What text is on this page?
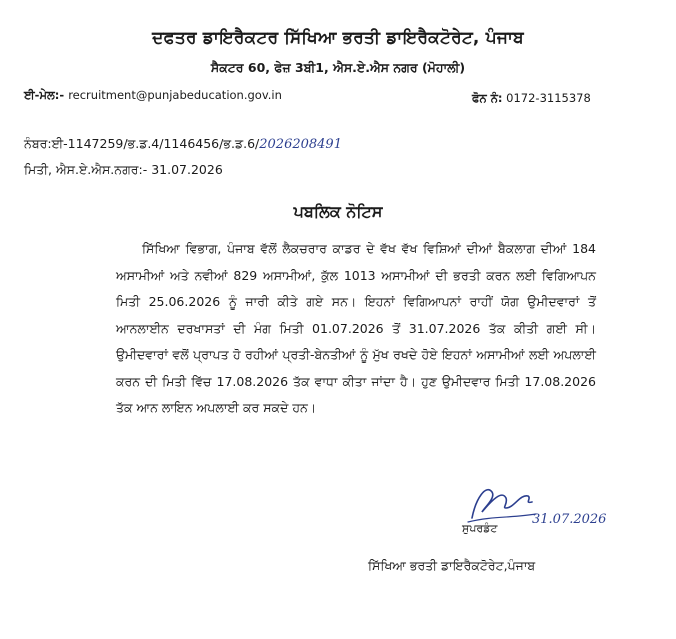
ਦਫਤਰ ਡਾਇਰੈਕਟਰ ਸਿੱਖਿਆ ਭਰਤੀ ਡਾਇਰੈਕਟੋਰੇਟ, ਪੰਜਾਬ
ਸੈਕਟਰ 60, ਫੇਜ਼ 3ਬੀ1, ਐਸ.ਏ.ਐਸ ਨਗਰ (ਮੋਹਾਲੀ)
ਈ-ਮੇਲ:- recruitment@punjabeducation.gov.in	ਫੋਨ ਨੰ: 0172-3115378
ਨੰਬਰ:ਈ-1147259/ਭ.ਡ.4/1146456/ਭ.ਡ.6/2026208491
ਮਿਤੀ, ਐਸ.ਏ.ਐਸ.ਨਗਰ:- 31.07.2026
ਪਬਲਿਕ ਨੋਟਿਸ
ਸਿੱਖਿਆ ਵਿਭਾਗ, ਪੰਜਾਬ ਵੱਲੋਂ ਲੈਕਚਰਾਰ ਕਾਡਰ ਦੇ ਵੱਖ ਵੱਖ ਵਿਸ਼ਿਆਂ ਦੀਆਂ ਬੈਕਲਾਗ ਦੀਆਂ 184 ਅਸਾਮੀਆਂ ਅਤੇ ਨਵੀਆਂ 829 ਅਸਾਮੀਆਂ, ਕੁੱਲ 1013 ਅਸਾਮੀਆਂ ਦੀ ਭਰਤੀ ਕਰਨ ਲਈ ਵਿਗਿਆਪਨ ਮਿਤੀ 25.06.2026 ਨੂੰ ਜਾਰੀ ਕੀਤੇ ਗਏ ਸਨ। ਇਹਨਾਂ ਵਿਗਿਆਪਨਾਂ ਰਾਹੀਂ ਯੋਗ ਉਮੀਦਵਾਰਾਂ ਤੋਂ ਆਨਲਾਈਨ ਦਰਖਾਸਤਾਂ ਦੀ ਮੰਗ ਮਿਤੀ 01.07.2026 ਤੋਂ 31.07.2026 ਤੱਕ ਕੀਤੀ ਗਈ ਸੀ। ਉਮੀਦਵਾਰਾਂ ਵਲੋਂ ਪ੍ਰਾਪਤ ਹੋ ਰਹੀਆਂ ਪ੍ਰਤੀ-ਬੇਨਤੀਆਂ ਨੂੰ ਮੁੱਖ ਰਖਦੇ ਹੋਏ ਇਹਨਾਂ ਅਸਾਮੀਆਂ ਲਈ ਅਪਲਾਈ ਕਰਨ ਦੀ ਮਿਤੀ ਵਿੱਚ 17.08.2026 ਤੱਕ ਵਾਧਾ ਕੀਤਾ ਜਾਂਦਾ ਹੈ। ਹੁਣ ਉਮੀਦਵਾਰ ਮਿਤੀ 17.08.2026 ਤੱਕ ਆਨ ਲਾਇਨ ਅਪਲਾਈ ਕਰ ਸਕਦੇ ਹਨ।
31.07.2026
ਸੁਪਰਡੰਟ
ਸਿੱਖਿਆ ਭਰਤੀ ਡਾਇਰੈਕਟੋਰੇਟ,ਪੰਜਾਬ
